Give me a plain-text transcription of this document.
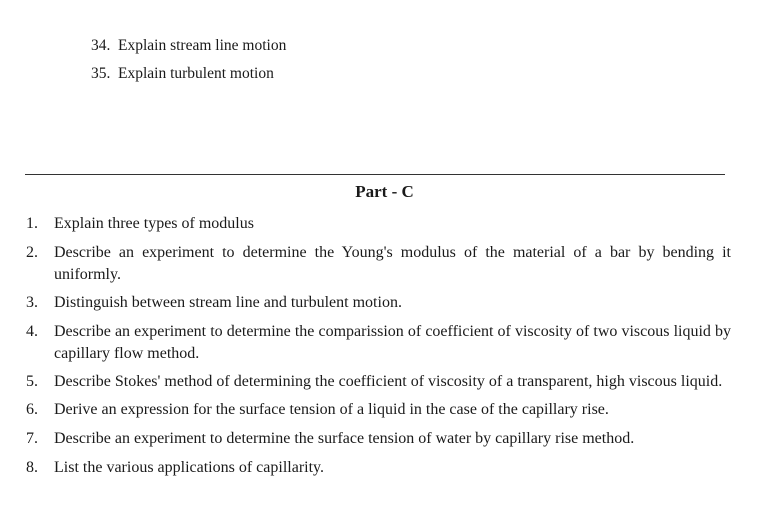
34. Explain stream line motion
35. Explain turbulent motion
Part - C
1. Explain three types of modulus
2. Describe an experiment to determine the Young's modulus of the material of a bar by bending it uniformly.
3. Distinguish between stream line and turbulent motion.
4. Describe an experiment to determine the comparission of coefficient of viscosity of two viscous liquid by capillary flow method.
5. Describe Stokes' method of determining the coefficient of viscosity of a transparent, high viscous liquid.
6. Derive an expression for the surface tension of a liquid in the case of the capillary rise.
7. Describe an experiment to determine the surface tension of water by capillary rise method.
8. List the various applications of capillarity.
